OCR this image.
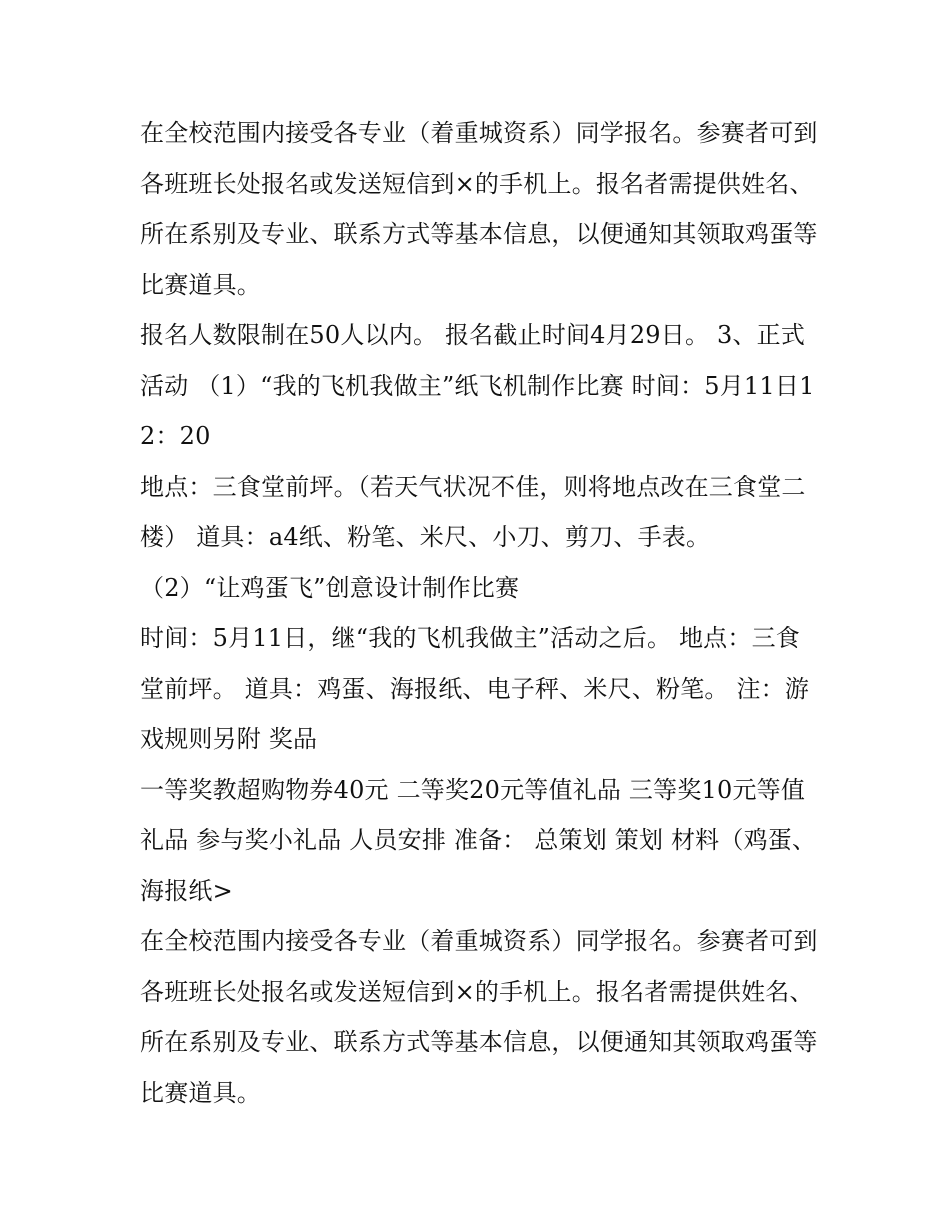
在全校范围内接受各专业（着重城资系）同学报名。参赛者可到各班班长处报名或发送短信到×的手机上。报名者需提供姓名、所在系别及专业、联系方式等基本信息，以便通知其领取鸡蛋等比赛道具。

报名人数限制在50人以内。 报名截止时间4月29日。 3、正式活动 （1）“我的飞机我做主”纸飞机制作比赛 时间：5月11日12：20

地点：三食堂前坪。（若天气状况不佳，则将地点改在三食堂二楼） 道具：a4纸、粉笔、米尺、小刀、剪刀、手表。

（2）“让鸡蛋飞”创意设计制作比赛

时间：5月11日，继“我的飞机我做主”活动之后。 地点：三食堂前坪。 道具：鸡蛋、海报纸、电子秤、米尺、粉笔。 注：游戏规则另附 奖品

一等奖教超购物券40元 二等奖20元等值礼品 三等奖10元等值礼品 参与奖小礼品 人员安排 准备： 总策划 策划 材料（鸡蛋、海报纸>

在全校范围内接受各专业（着重城资系）同学报名。参赛者可到各班班长处报名或发送短信到×的手机上。报名者需提供姓名、所在系别及专业、联系方式等基本信息，以便通知其领取鸡蛋等比赛道具。
